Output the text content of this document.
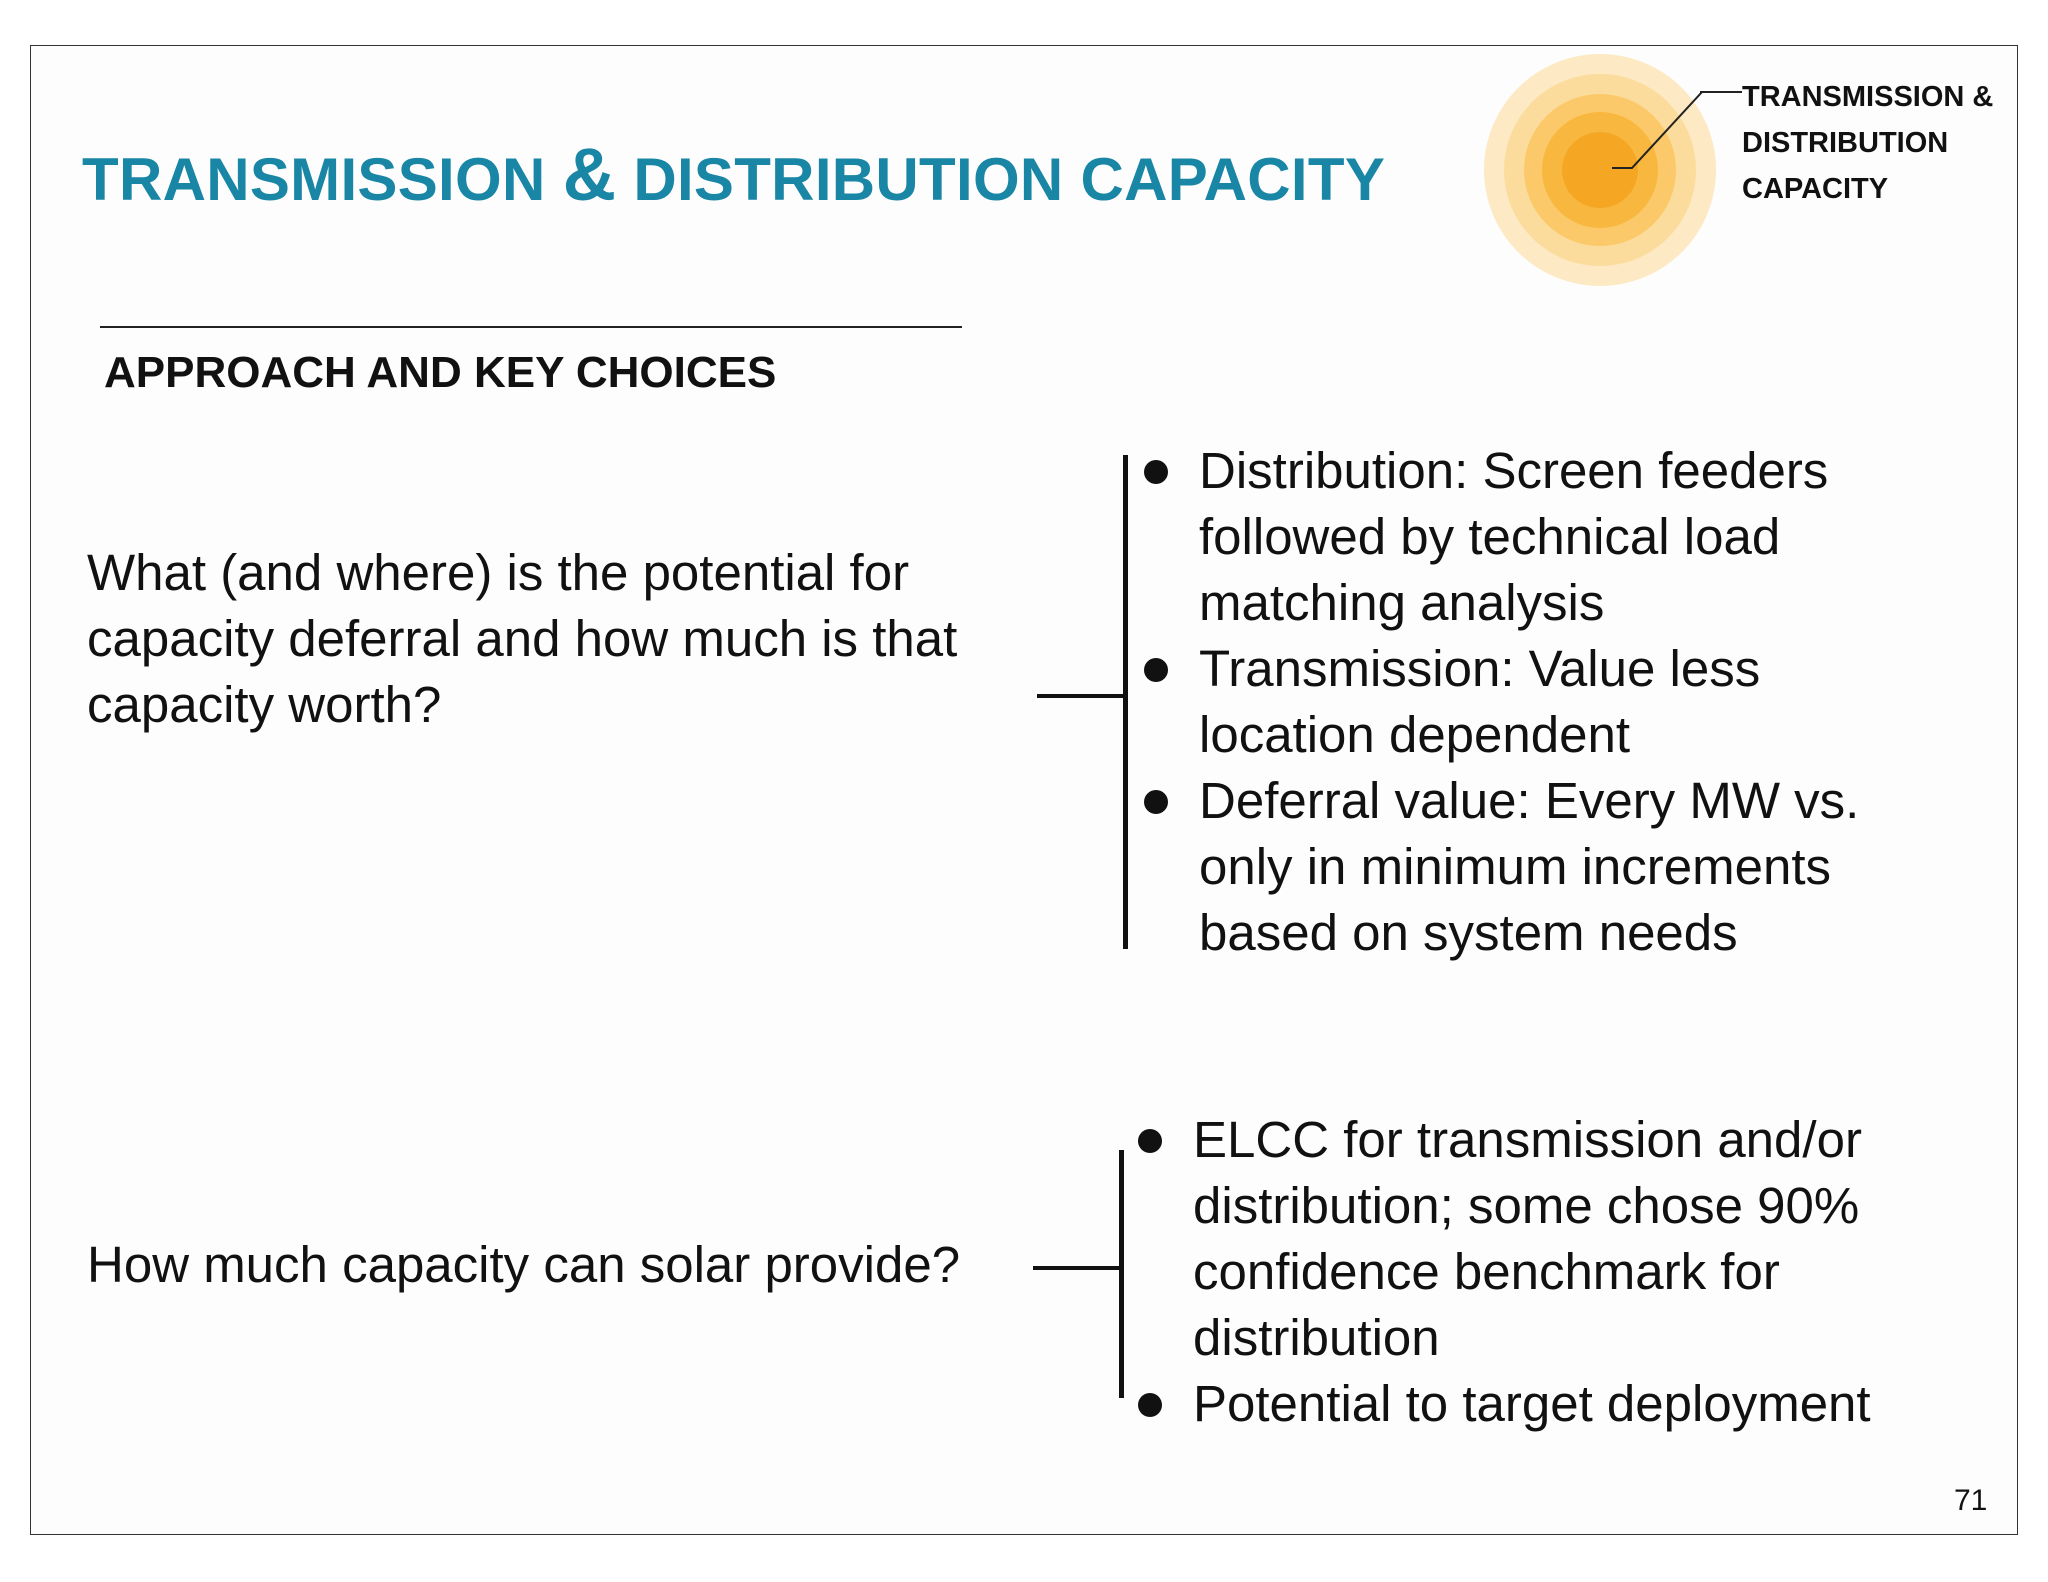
TRANSMISSION & DISTRIBUTION CAPACITY
TRANSMISSION &
DISTRIBUTION
CAPACITY
APPROACH AND KEY CHOICES

What (and where) is the potential for
capacity deferral and how much is that
capacity worth?

Distribution: Screen feeders
followed by technical load
matching analysis
Transmission: Value less
location dependent
Deferral value: Every MW vs.
only in minimum increments
based on system needs

How much capacity can solar provide?

ELCC for transmission and/or
distribution; some chose 90%
confidence benchmark for
distribution
Potential to target deployment
71
